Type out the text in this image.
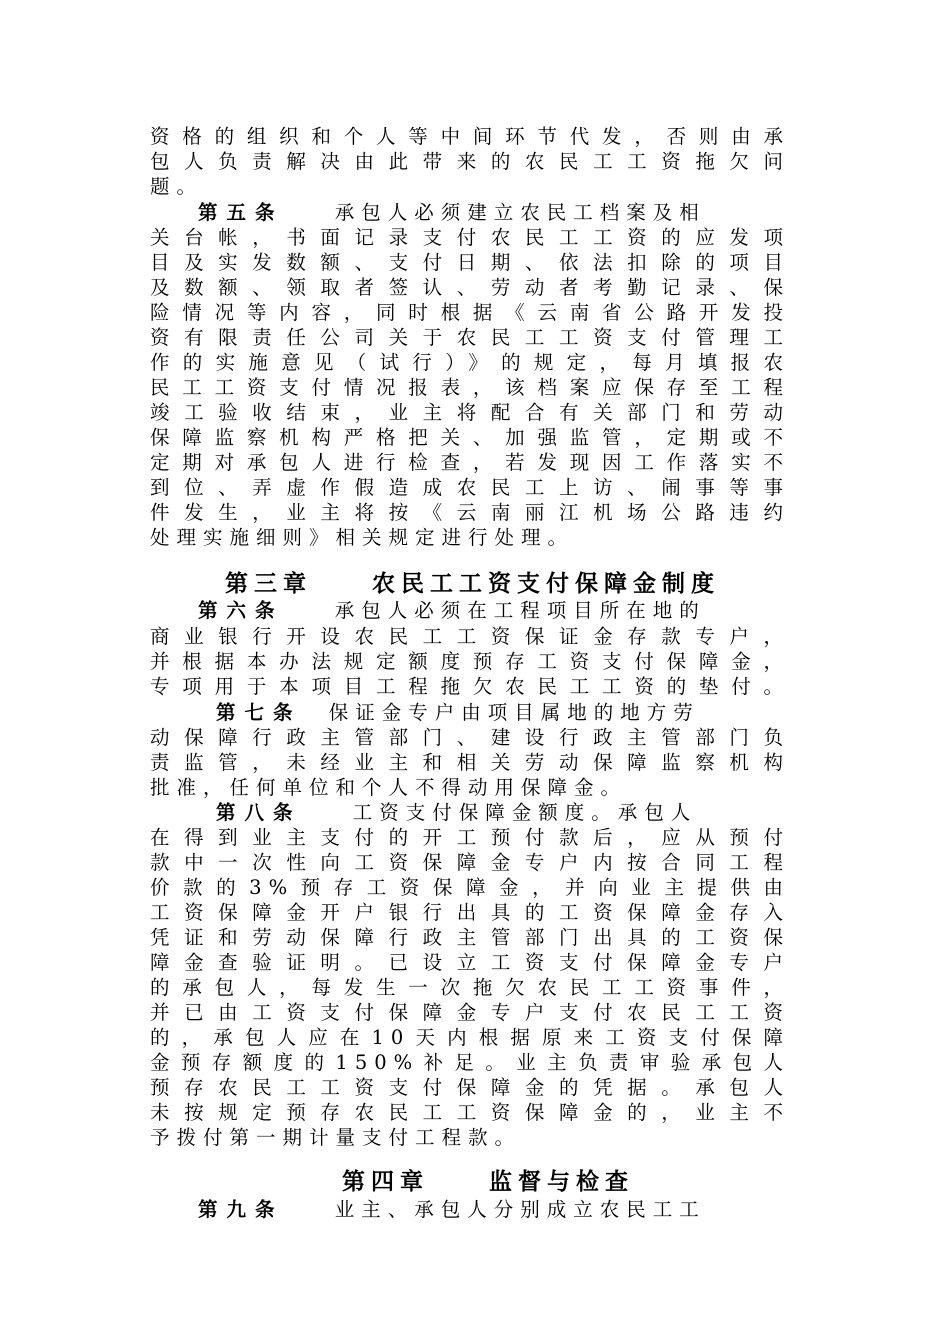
资格的组织和个人等中间环节代发，否则由承
包人负责解决由此带来的农民工工资拖欠问
题。
第五条	承包人必须建立农民工档案及相
关台帐，书面记录支付农民工工资的应发项
目及实发数额、支付日期、依法扣除的项目
及数额、领取者签认、劳动者考勤记录、保
险情况等内容，同时根据《云南省公路开发投
资有限责任公司关于农民工工资支付管理工
作的实施意见（试行）》的规定，每月填报农
民工工资支付情况报表，该档案应保存至工程
竣工验收结束，业主将配合有关部门和劳动
保障监察机构严格把关、加强监管，定期或不
定期对承包人进行检查，若发现因工作落实不
到位、弄虚作假造成农民工上访、闹事等事
件发生，业主将按《云南丽江机场公路违约
处理实施细则》相关规定进行处理。
第三章	农民工工资支付保障金制度
第六条	承包人必须在工程项目所在地的
商业银行开设农民工工资保证金存款专户，
并根据本办法规定额度预存工资支付保障金，
专项用于本项目工程拖欠农民工工资的垫付。
第七条 保证金专户由项目属地的地方劳
动保障行政主管部门、建设行政主管部门负
责监管，未经业主和相关劳动保障监察机构
批准，任何单位和个人不得动用保障金。
第八条	工资支付保障金额度。承包人
在得到业主支付的开工预付款后，应从预付
款中一次性向工资保障金专户内按合同工程
价款的3%预存工资保障金，并向业主提供由
工资保障金开户银行出具的工资保障金存入
凭证和劳动保障行政主管部门出具的工资保
障金查验证明。已设立工资支付保障金专户
的承包人，每发生一次拖欠农民工工资事件，
并已由工资支付保障金专户支付农民工工资
的，承包人应在10天内根据原来工资支付保障
金预存额度的150%补足。业主负责审验承包人
预存农民工工资支付保障金的凭据。承包人
未按规定预存农民工工资保障金的，业主不
予拨付第一期计量支付工程款。
第四章	监督与检查
第九条	业主、承包人分别成立农民工工
